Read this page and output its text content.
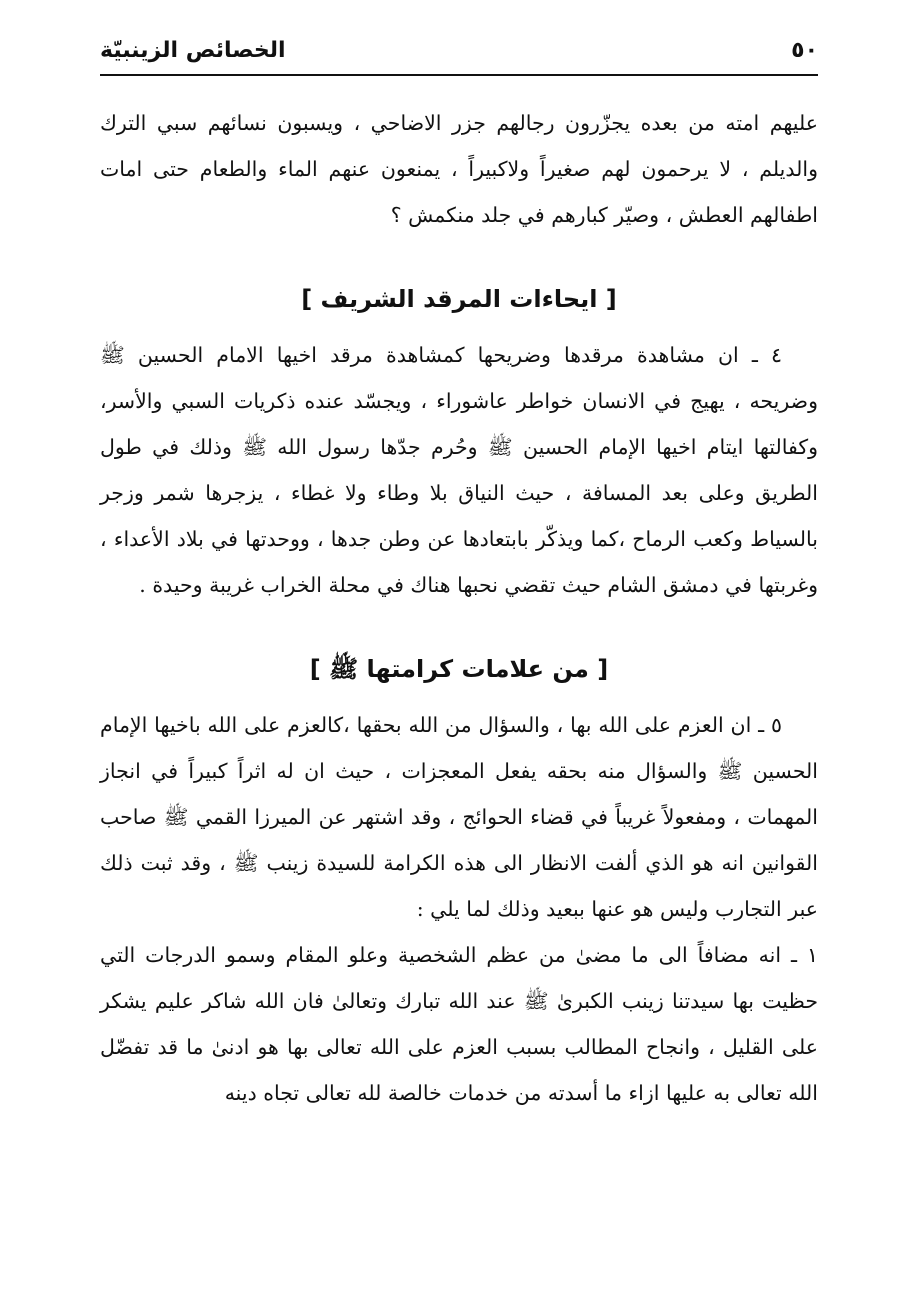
٥٠
الخصائص الزينبيّة

عليهم امته من بعده يجزّرون رجالهم جزر الاضاحي ، ويسبون نسائهم سبي الترك والديلم ، لا يرحمون لهم صغيراً ولاكبيراً ، يمنعون عنهم الماء والطعام حتى امات اطفالهم العطش ، وصيّر كبارهم في جلد منكمش ؟

[ ايحاءات المرقد الشريف ]

٤ ـ ان مشاهدة مرقدها وضريحها كمشاهدة مرقد اخيها الامام الحسين ﷺ وضريحه ، يهيج في الانسان خواطر عاشوراء ، ويجسّد عنده ذكريات السبي والأسر، وكفالتها ايتام اخيها الإمام الحسين ﷺ وحُرم جدّها رسول الله ﷺ وذلك في طول الطريق وعلى بعد المسافة ، حيث النياق بلا وطاء ولا غطاء ، يزجرها شمر وزجر بالسياط وكعب الرماح ،كما ويذكّر بابتعادها عن وطن جدها ، ووحدتها في بلاد الأعداء ، وغربتها في دمشق الشام حيث تقضي نحبها هناك في محلة الخراب غريبة وحيدة .

[ من علامات كرامتها ﷺ ]

٥ ـ ان العزم على الله بها ، والسؤال من الله بحقها ،كالعزم على الله باخيها الإمام الحسين ﷺ والسؤال منه بحقه يفعل المعجزات ، حيث ان له اثراً كبيراً في انجاز المهمات ، ومفعولاً غريباً في قضاء الحوائج ، وقد اشتهر عن الميرزا القمي ﷺ صاحب القوانين انه هو الذي ألفت الانظار الى هذه الكرامة للسيدة زينب ﷺ ، وقد ثبت ذلك عبر التجارب وليس هو عنها ببعيد وذلك لما يلي :

١ ـ انه مضافاً الى ما مضىٰ من عظم الشخصية وعلو المقام وسمو الدرجات التي حظيت بها سيدتنا زينب الكبرىٰ ﷺ عند الله تبارك وتعالىٰ فان الله شاكر عليم يشكر على القليل ، وانجاح المطالب بسبب العزم على الله تعالى بها هو ادنىٰ ما قد تفضّل الله تعالى به عليها ازاء ما أسدته من خدمات خالصة لله تعالى تجاه دينه
